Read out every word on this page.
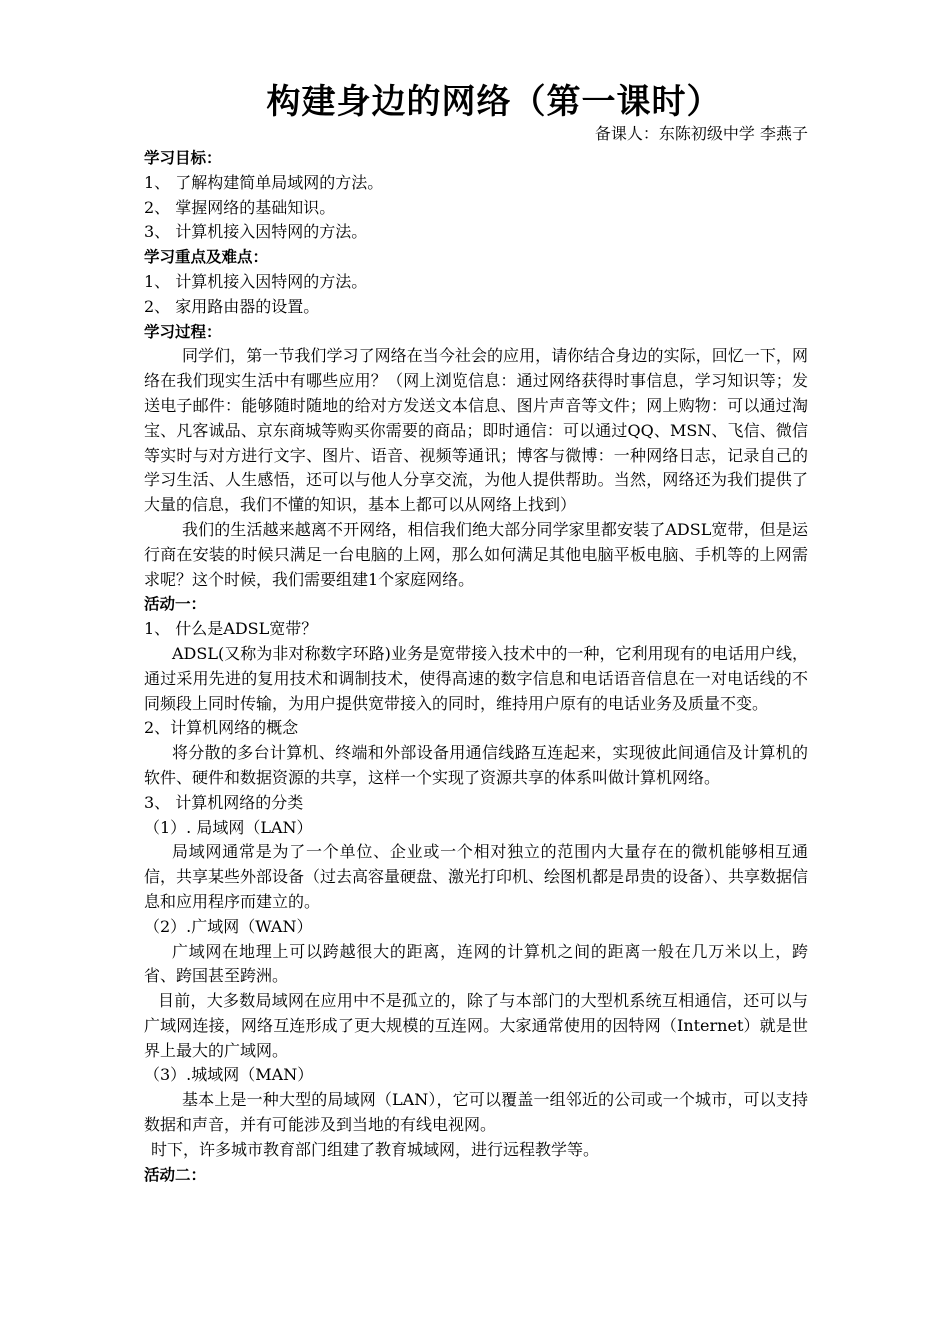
构建身边的网络（第一课时）

备课人：东陈初级中学 李燕子

学习目标：

1、 了解构建简单局域网的方法。

2、 掌握网络的基础知识。

3、 计算机接入因特网的方法。

学习重点及难点：

1、 计算机接入因特网的方法。

2、 家用路由器的设置。

学习过程：

同学们，第一节我们学习了网络在当今社会的应用，请你结合身边的实际，回忆一下，网络在我们现实生活中有哪些应用？（网上浏览信息：通过网络获得时事信息，学习知识等；发送电子邮件：能够随时随地的给对方发送文本信息、图片声音等文件；网上购物：可以通过淘宝、凡客诚品、京东商城等购买你需要的商品；即时通信：可以通过QQ、MSN、飞信、微信等实时与对方进行文字、图片、语音、视频等通讯；博客与微博：一种网络日志，记录自己的学习生活、人生感悟，还可以与他人分享交流，为他人提供帮助。当然，网络还为我们提供了大量的信息，我们不懂的知识，基本上都可以从网络上找到）

我们的生活越来越离不开网络，相信我们绝大部分同学家里都安装了ADSL宽带，但是运行商在安装的时候只满足一台电脑的上网，那么如何满足其他电脑平板电脑、手机等的上网需求呢？这个时候，我们需要组建1个家庭网络。

活动一：

1、 什么是ADSL宽带？

ADSL(又称为非对称数字环路)业务是宽带接入技术中的一种，它利用现有的电话用户线，通过采用先进的复用技术和调制技术，使得高速的数字信息和电话语音信息在一对电话线的不同频段上同时传输，为用户提供宽带接入的同时，维持用户原有的电话业务及质量不变。

2、计算机网络的概念

将分散的多台计算机、终端和外部设备用通信线路互连起来，实现彼此间通信及计算机的软件、硬件和数据资源的共享，这样一个实现了资源共享的体系叫做计算机网络。

3、 计算机网络的分类

（1）. 局域网（LAN）

局域网通常是为了一个单位、企业或一个相对独立的范围内大量存在的微机能够相互通信，共享某些外部设备（过去高容量硬盘、激光打印机、绘图机都是昂贵的设备）、共享数据信息和应用程序而建立的。

（2）.广域网（WAN）

广域网在地理上可以跨越很大的距离，连网的计算机之间的距离一般在几万米以上，跨省、跨国甚至跨洲。

目前，大多数局域网在应用中不是孤立的，除了与本部门的大型机系统互相通信，还可以与广域网连接，网络互连形成了更大规模的互连网。大家通常使用的因特网（Internet）就是世界上最大的广域网。

（3）.城域网（MAN）

基本上是一种大型的局域网（LAN），它可以覆盖一组邻近的公司或一个城市，可以支持数据和声音，并有可能涉及到当地的有线电视网。

时下，许多城市教育部门组建了教育城域网，进行远程教学等。

活动二：
